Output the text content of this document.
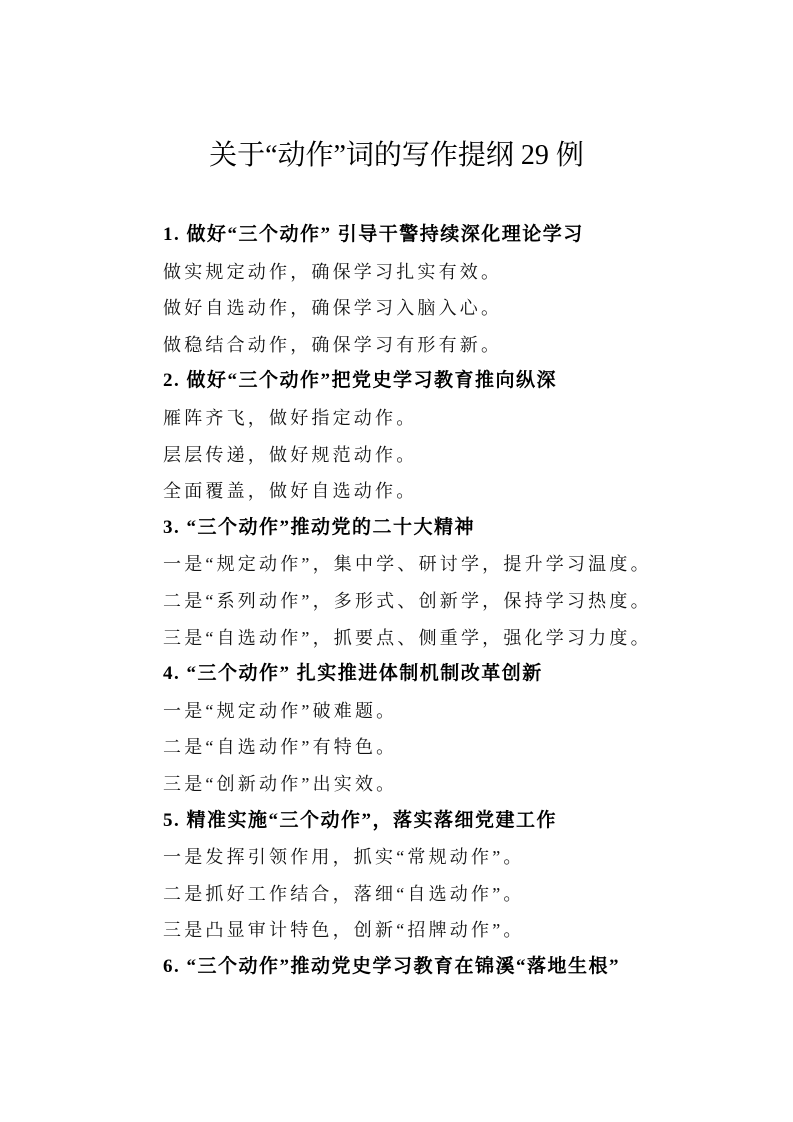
关于“动作”词的写作提纲 29 例
1. 做好“三个动作” 引导干警持续深化理论学习
做实规定动作，确保学习扎实有效。
做好自选动作，确保学习入脑入心。
做稳结合动作，确保学习有形有新。
2. 做好“三个动作”把党史学习教育推向纵深
雁阵齐飞，做好指定动作。
层层传递，做好规范动作。
全面覆盖，做好自选动作。
3. “三个动作”推动党的二十大精神
一是“规定动作”，集中学、研讨学，提升学习温度。
二是“系列动作”，多形式、创新学，保持学习热度。
三是“自选动作”，抓要点、侧重学，强化学习力度。
4. “三个动作” 扎实推进体制机制改革创新
一是“规定动作”破难题。
二是“自选动作”有特色。
三是“创新动作”出实效。
5. 精准实施“三个动作”，落实落细党建工作
一是发挥引领作用，抓实“常规动作”。
二是抓好工作结合，落细“自选动作”。
三是凸显审计特色，创新“招牌动作”。
6. “三个动作”推动党史学习教育在锦溪“落地生根”
